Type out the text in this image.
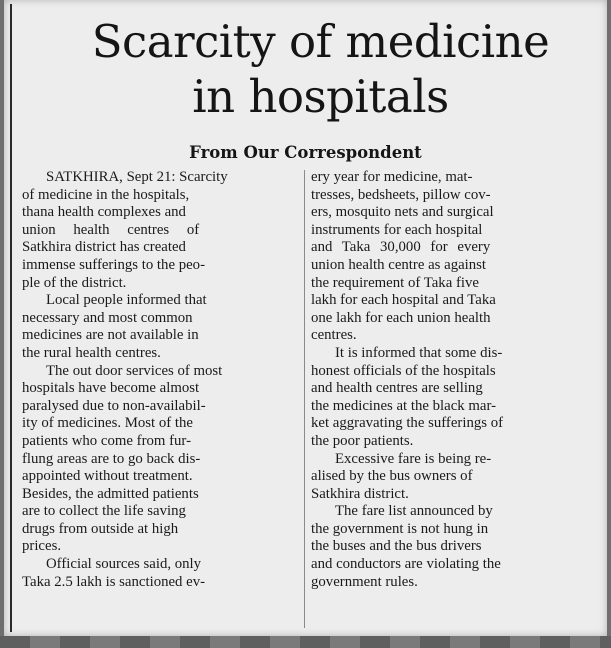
Scarcity of medicine
in hospitals
From Our Correspondent
SATKHIRA, Sept 21: Scarcity
of medicine in the hospitals,
thana health complexes and
union health centres of
Satkhira district has created
immense sufferings to the peo-
ple of the district.
Local people informed that
necessary and most common
medicines are not available in
the rural health centres.
The out door services of most
hospitals have become almost
paralysed due to non-availabil-
ity of medicines. Most of the
patients who come from fur-
flung areas are to go back dis-
appointed without treatment.
Besides, the admitted patients
are to collect the life saving
drugs from outside at high
prices.
Official sources said, only
Taka 2.5 lakh is sanctioned ev-
ery year for medicine, mat-
tresses, bedsheets, pillow cov-
ers, mosquito nets and surgical
instruments for each hospital
and Taka 30,000 for every
union health centre as against
the requirement of Taka five
lakh for each hospital and Taka
one lakh for each union health
centres.
It is informed that some dis-
honest officials of the hospitals
and health centres are selling
the medicines at the black mar-
ket aggravating the sufferings of
the poor patients.
Excessive fare is being re-
alised by the bus owners of
Satkhira district.
The fare list announced by
the government is not hung in
the buses and the bus drivers
and conductors are violating the
government rules.
